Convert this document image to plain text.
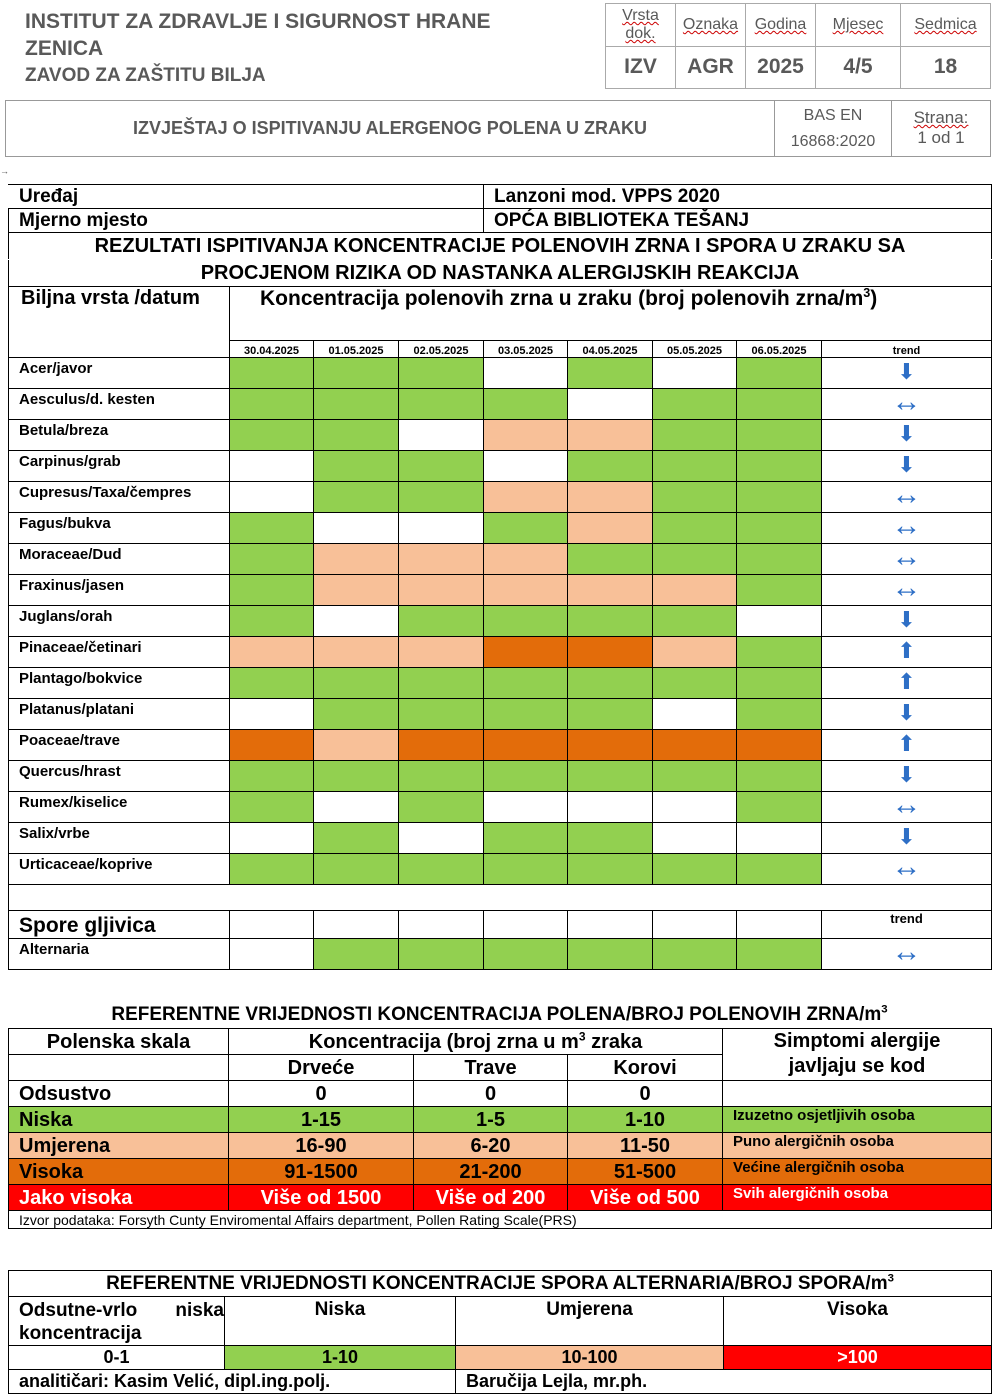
INSTITUT ZA ZDRAVLJE I SIGURNOST HRANE
ZENICA
ZAVOD ZA ZAŠTITU BILJA
Vrsta dok.	Oznaka	Godina	Mjesec	Sedmica
IZV	AGR	2025	4/5	18
IZVJEŠTAJ O ISPITIVANJU ALERGENOG POLENA U ZRAKU
BAS EN
16868:2020
Strana:
1 od 1
→
Uređaj				Lanzoni mod. VPPS 2020				
Mjerno mjesto				OPĆA BIBLIOTEKA TEŠANJ				
REZULTATI ISPITIVANJA KONCENTRACIJE POLENOVIH ZRNA I SPORA U ZRAKU SA								
PROCJENOM RIZIKA OD NASTANKA ALERGIJSKIH REAKCIJA								
Biljna vrsta /datum	Koncentracija polenovih zrna u zraku (broj polenovih zrna/$m^3$)							
	30.04.2025	01.05.2025	02.05.2025	03.05.2025	04.05.2025	05.05.2025	06.05.2025	trend
Acer/javor								⬇
Aesculus/d. kesten								↔
Betula/breza								⬇
Carpinus/grab								⬇
Cupresus/Taxa/čempres								↔
Fagus/bukva								↔
Moraceae/Dud								↔
Fraxinus/jasen								↔
Juglans/orah								⬇
Pinaceae/četinari								⬆
Plantago/bokvice								⬆
Platanus/platani								⬇
Poaceae/trave								⬆
Quercus/hrast								⬇
Rumex/kiselice								↔
Salix/vrbe								⬇
Urticaceae/koprive								↔

Spore gljivica								trend
Alternaria								↔
REFERENTNE VRIJEDNOSTI KONCENTRACIJA POLENA/BROJ POLENOVIH ZRNA/$m^3$
Polenska skala	Koncentracija (broj zrna u $m^3$ zraka			Simptomi alergije
javljaju se kod

	Drveće	Trave	Korovi	
Odsustvo	0	0	0	
Niska	1-15	1-5	1-10	Izuzetno osjetljivih osoba
Umjerena	16-90	6-20	11-50	Puno alergičnih osoba
Visoka	91-1500	21-200	51-500	Većine alergičnih osoba
Jako visoka	Više od 1500	Više od 200	Više od 500	Svih alergičnih osoba
Izvor podataka: Forsyth Cunty Enviromental Affairs department, Pollen Rating Scale(PRS)				
REFERENTNE VRIJEDNOSTI KONCENTRACIJE SPORA ALTERNARIA/BROJ SPORA/$m^3$
Odsutne-vrlo niska koncentracija	Niska	Umjerena	Visoka
0-1	1-10	10-100	>100
analitičari: Kasim Velić, dipl.ing.polj.		Baručija Lejla, mr.ph.	
